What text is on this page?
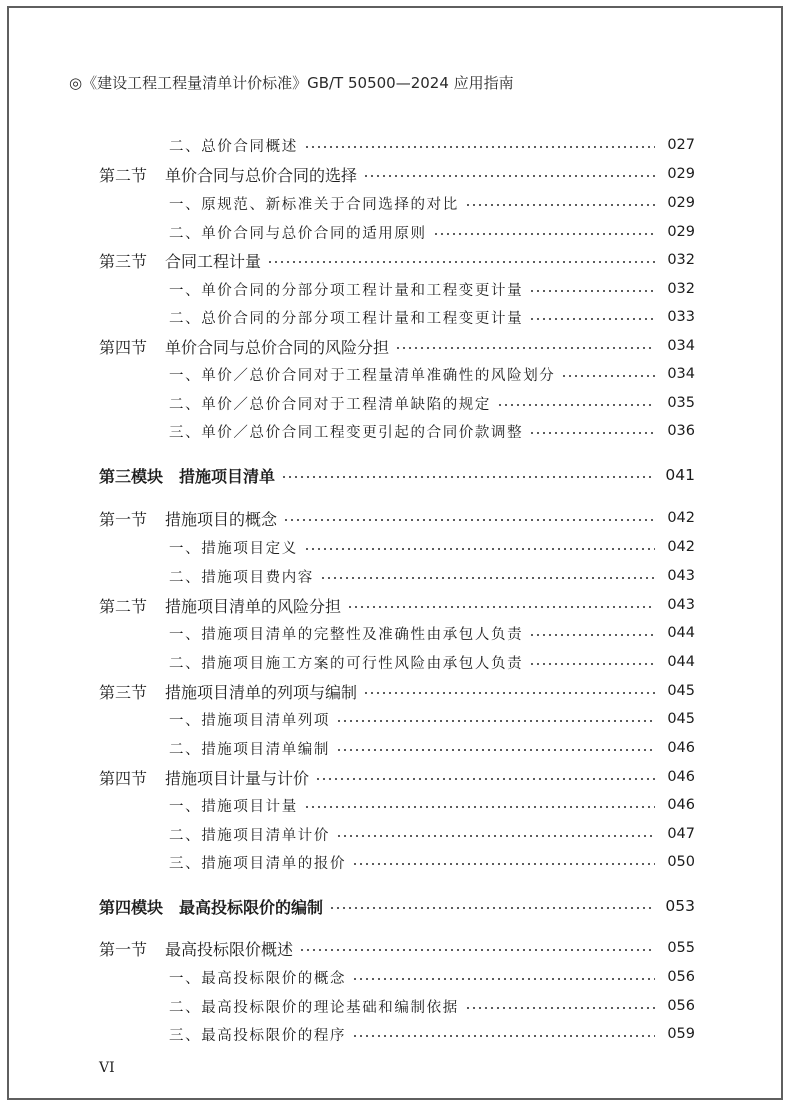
◎《建设工程工程量清单计价标准》GB/T 50500—2024 应用指南
二、总价合同概述	027
第二节	单价合同与总价合同的选择	029
一、原规范、新标准关于合同选择的对比	029
二、单价合同与总价合同的适用原则	029
第三节	合同工程计量	032
一、单价合同的分部分项工程计量和工程变更计量	032
二、总价合同的分部分项工程计量和工程变更计量	033
第四节	单价合同与总价合同的风险分担	034
一、单价／总价合同对于工程量清单准确性的风险划分	034
二、单价／总价合同对于工程清单缺陷的规定	035
三、单价／总价合同工程变更引起的合同价款调整	036
第三模块 措施项目清单	041
第一节	措施项目的概念	042
一、措施项目定义	042
二、措施项目费内容	043
第二节	措施项目清单的风险分担	043
一、措施项目清单的完整性及准确性由承包人负责	044
二、措施项目施工方案的可行性风险由承包人负责	044
第三节	措施项目清单的列项与编制	045
一、措施项目清单列项	045
二、措施项目清单编制	046
第四节	措施项目计量与计价	046
一、措施项目计量	046
二、措施项目清单计价	047
三、措施项目清单的报价	050
第四模块 最高投标限价的编制	053
第一节	最高投标限价概述	055
一、最高投标限价的概念	056
二、最高投标限价的理论基础和编制依据	056
三、最高投标限价的程序	059
VI
